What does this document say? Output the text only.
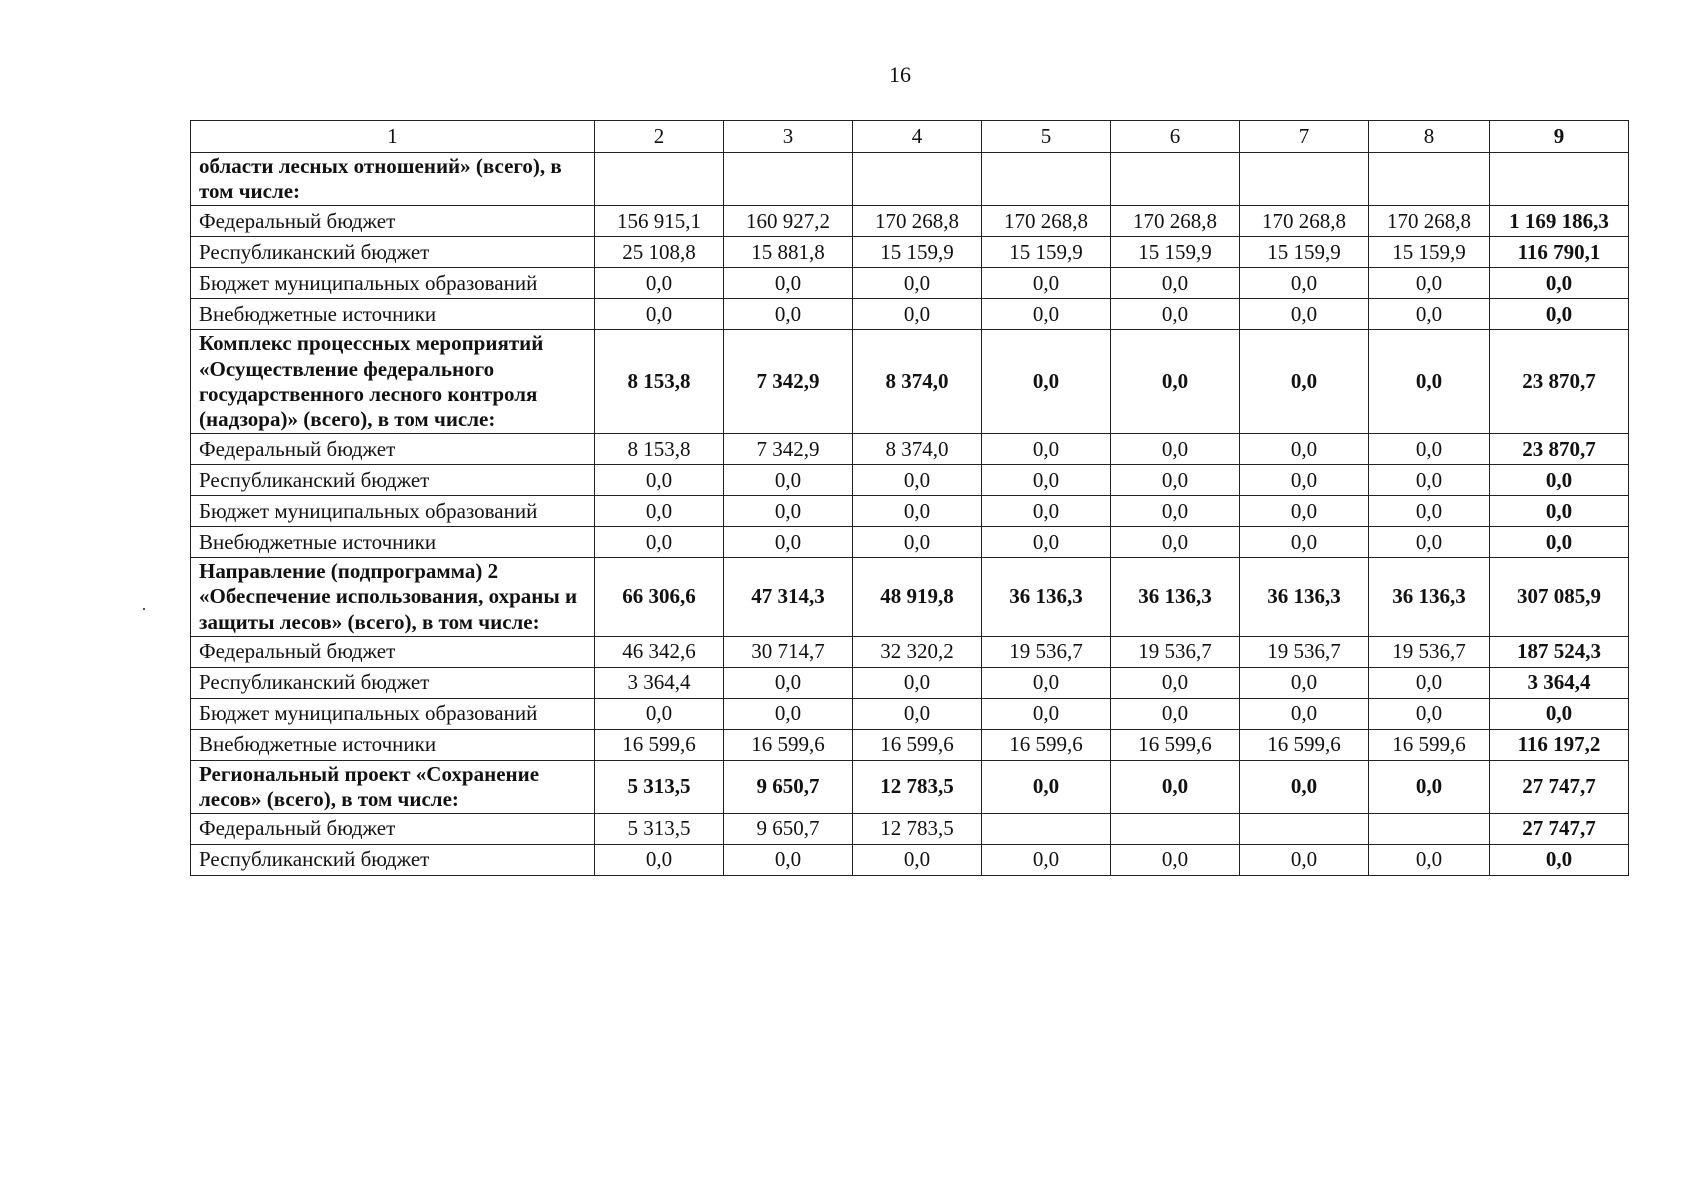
16
1	2	3	4	5	6	7	8	9
области лесных отношений» (всего), в том числе:								
Федеральный бюджет	156 915,1	160 927,2	170 268,8	170 268,8	170 268,8	170 268,8	170 268,8	1 169 186,3
Республиканский бюджет	25 108,8	15 881,8	15 159,9	15 159,9	15 159,9	15 159,9	15 159,9	116 790,1
Бюджет муниципальных образований	0,0	0,0	0,0	0,0	0,0	0,0	0,0	0,0
Внебюджетные источники	0,0	0,0	0,0	0,0	0,0	0,0	0,0	0,0
Комплекс процессных мероприятий «Осуществление федерального государственного лесного контроля (надзора)» (всего), в том числе:	8 153,8	7 342,9	8 374,0	0,0	0,0	0,0	0,0	23 870,7
Федеральный бюджет	8 153,8	7 342,9	8 374,0	0,0	0,0	0,0	0,0	23 870,7
Республиканский бюджет	0,0	0,0	0,0	0,0	0,0	0,0	0,0	0,0
Бюджет муниципальных образований	0,0	0,0	0,0	0,0	0,0	0,0	0,0	0,0
Внебюджетные источники	0,0	0,0	0,0	0,0	0,0	0,0	0,0	0,0
Направление (подпрограмма) 2 «Обеспечение использования, охраны и защиты лесов» (всего), в том числе:	66 306,6	47 314,3	48 919,8	36 136,3	36 136,3	36 136,3	36 136,3	307 085,9
Федеральный бюджет	46 342,6	30 714,7	32 320,2	19 536,7	19 536,7	19 536,7	19 536,7	187 524,3
Республиканский бюджет	3 364,4	0,0	0,0	0,0	0,0	0,0	0,0	3 364,4
Бюджет муниципальных образований	0,0	0,0	0,0	0,0	0,0	0,0	0,0	0,0
Внебюджетные источники	16 599,6	16 599,6	16 599,6	16 599,6	16 599,6	16 599,6	16 599,6	116 197,2
Региональный проект «Сохранение лесов» (всего), в том числе:	5 313,5	9 650,7	12 783,5	0,0	0,0	0,0	0,0	27 747,7
Федеральный бюджет	5 313,5	9 650,7	12 783,5					27 747,7
Республиканский бюджет	0,0	0,0	0,0	0,0	0,0	0,0	0,0	0,0
